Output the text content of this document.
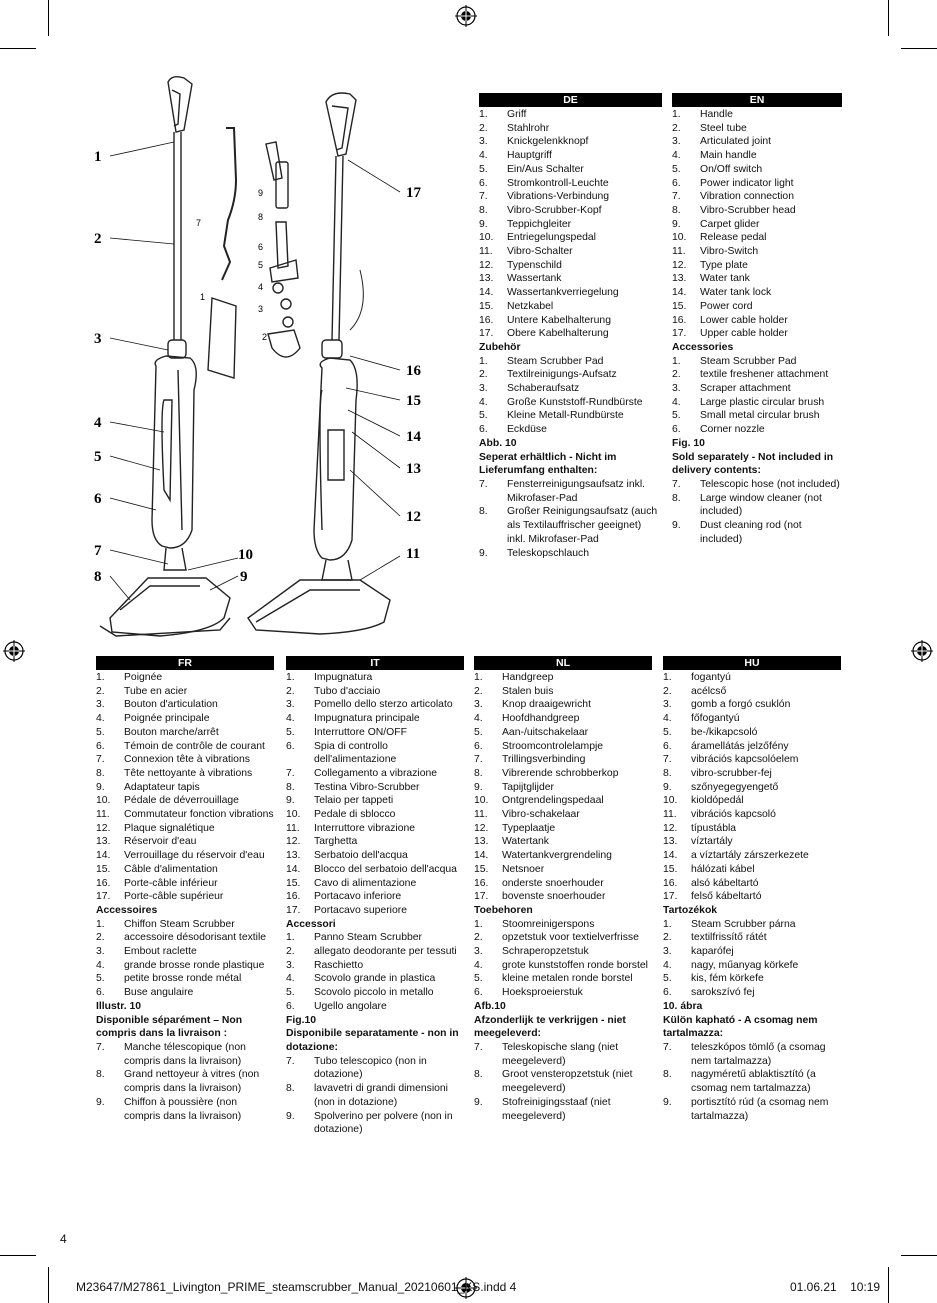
1
2
3
4
5
6
7
8
10
9
17
16
15
14
13
12
11
9
8
7
6
5
4
3
1
2
DE
1.	Griff
2.	Stahlrohr
3.	Knickgelenkknopf
4.	Hauptgriff
5.	Ein/Aus Schalter
6.	Stromkontroll-Leuchte
7.	Vibrations-Verbindung
8.	Vibro-Scrubber-Kopf
9.	Teppichgleiter
10.	Entriegelungspedal
11.	Vibro-Schalter
12.	Typenschild
13.	Wassertank
14.	Wassertankverriegelung
15.	Netzkabel
16.	Untere Kabelhalterung
17.	Obere Kabelhalterung
Zubehör
1.	Steam Scrubber Pad
2.	Textilreinigungs-Aufsatz
3.	Schaberaufsatz
4.	Große Kunststoff-Rundbürste
5.	Kleine Metall-Rundbürste
6.	Eckdüse
Abb. 10
Seperat erhältlich - Nicht im Lieferumfang enthalten:
7.	Fensterreinigungsaufsatz inkl. Mikrofaser-Pad
8.	Großer Reinigungsaufsatz (auch als Textilauffrischer geeignet) inkl. Mikrofaser-Pad
9.	Teleskopschlauch
EN
1.	Handle
2.	Steel tube
3.	Articulated joint
4.	Main handle
5.	On/Off switch
6.	Power indicator light
7.	Vibration connection
8.	Vibro-Scrubber head
9.	Carpet glider
10.	Release pedal
11.	Vibro-Switch
12.	Type plate
13.	Water tank
14.	Water tank lock
15.	Power cord
16.	Lower cable holder
17.	Upper cable holder
Accessories
1.	Steam Scrubber Pad
2.	textile freshener attachment
3.	Scraper attachment
4.	Large plastic circular brush
5.	Small metal circular brush
6.	Corner nozzle
Fig. 10
Sold separately - Not included in delivery contents:
7.	Telescopic hose (not included)
8.	Large window cleaner (not included)
9.	Dust cleaning rod (not included)
FR
1.	Poignée
2.	Tube en acier
3.	Bouton d'articulation
4.	Poignée principale
5.	Bouton marche/arrêt
6.	Témoin de contrôle de courant
7.	Connexion tête à vibrations
8.	Tête nettoyante à vibrations
9.	Adaptateur tapis
10.	Pédale de déverrouillage
11.	Commutateur fonction vibrations
12.	Plaque signalétique
13.	Réservoir d'eau
14.	Verrouillage du réservoir d'eau
15.	Câble d'alimentation
16.	Porte-câble inférieur
17.	Porte-câble supérieur
Accessoires
1.	Chiffon Steam Scrubber
2.	accessoire désodorisant textile
3.	Embout raclette
4.	grande brosse ronde plastique
5.	petite brosse ronde métal
6.	Buse angulaire
Illustr. 10
Disponible séparément – Non compris dans la livraison :
7.	Manche télescopique (non compris dans la livraison)
8.	Grand nettoyeur à vitres (non compris dans la livraison)
9.	Chiffon à poussière (non compris dans la livraison)
IT
1.	Impugnatura
2.	Tubo d'acciaio
3.	Pomello dello sterzo articolato
4.	Impugnatura principale
5.	Interruttore ON/OFF
6.	Spia di controllo dell'alimentazione
7.	Collegamento a vibrazione
8.	Testina Vibro-Scrubber
9.	Telaio per tappeti
10.	Pedale di sblocco
11.	Interruttore vibrazione
12.	Targhetta
13.	Serbatoio dell'acqua
14.	Blocco del serbatoio dell'acqua
15.	Cavo di alimentazione
16.	Portacavo inferiore
17.	Portacavo superiore
Accessori
1.	Panno Steam Scrubber
2.	allegato deodorante per tessuti
3.	Raschietto
4.	Scovolo grande in plastica
5.	Scovolo piccolo in metallo
6.	Ugello angolare
Fig.10
Disponibile separatamente - non in dotazione:
7.	Tubo telescopico (non in dotazione)
8.	lavavetri di grandi dimensioni (non in dotazione)
9.	Spolverino per polvere (non in dotazione)
NL
1.	Handgreep
2.	Stalen buis
3.	Knop draaigewricht
4.	Hoofdhandgreep
5.	Aan-/uitschakelaar
6.	Stroomcontrolelampje
7.	Trillingsverbinding
8.	Vibrerende schrobberkop
9.	Tapijtglijder
10.	Ontgrendelingspedaal
11.	Vibro-schakelaar
12.	Typeplaatje
13.	Watertank
14.	Watertankvergrendeling
15.	Netsnoer
16.	onderste snoerhouder
17.	bovenste snoerhouder
Toebehoren
1.	Stoomreinigerspons
2.	opzetstuk voor textielverfrisse
3.	Schraperopzetstuk
4.	grote kunststoffen ronde borstel
5.	kleine metalen ronde borstel
6.	Hoeksproeierstuk
Afb.10
Afzonderlijk te verkrijgen - niet meegeleverd:
7.	Teleskopische slang (niet meegeleverd)
8.	Groot vensteropzetstuk (niet meegeleverd)
9.	Stofreinigingsstaaf (niet meegeleverd)
HU
1.	fogantyú
2.	acélcső
3.	gomb a forgó csuklón
4.	főfogantyú
5.	be-/kikapcsoló
6.	áramellátás jelzőfény
7.	vibrációs kapcsolóelem
8.	vibro-scrubber-fej
9.	szőnyegegyengető
10.	kioldópedál
11.	vibrációs kapcsoló
12.	típustábla
13.	víztartály
14.	a víztartály zárszerkezete
15.	hálózati kábel
16.	alsó kábeltartó
17.	felső kábeltartó
Tartozékok
1.	Steam Scrubber párna
2.	textilfrissítő rátét
3.	kaparófej
4.	nagy, műanyag körkefe
5.	kis, fém körkefe
6.	sarokszívó fej
10. ábra
Külön kapható - A csomag nem tartalmazza:
7.	teleszkópos tömlő (a csomag nem tartalmazza)
8.	nagyméretű ablaktisztító (a csomag nem tartalmazza)
9.	portisztító rúd (a csomag nem tartalmazza)
4
M23647/M27861_Livington_PRIME_steamscrubber_Manual_20210601_KS.indd 4	01.06.21 10:19
